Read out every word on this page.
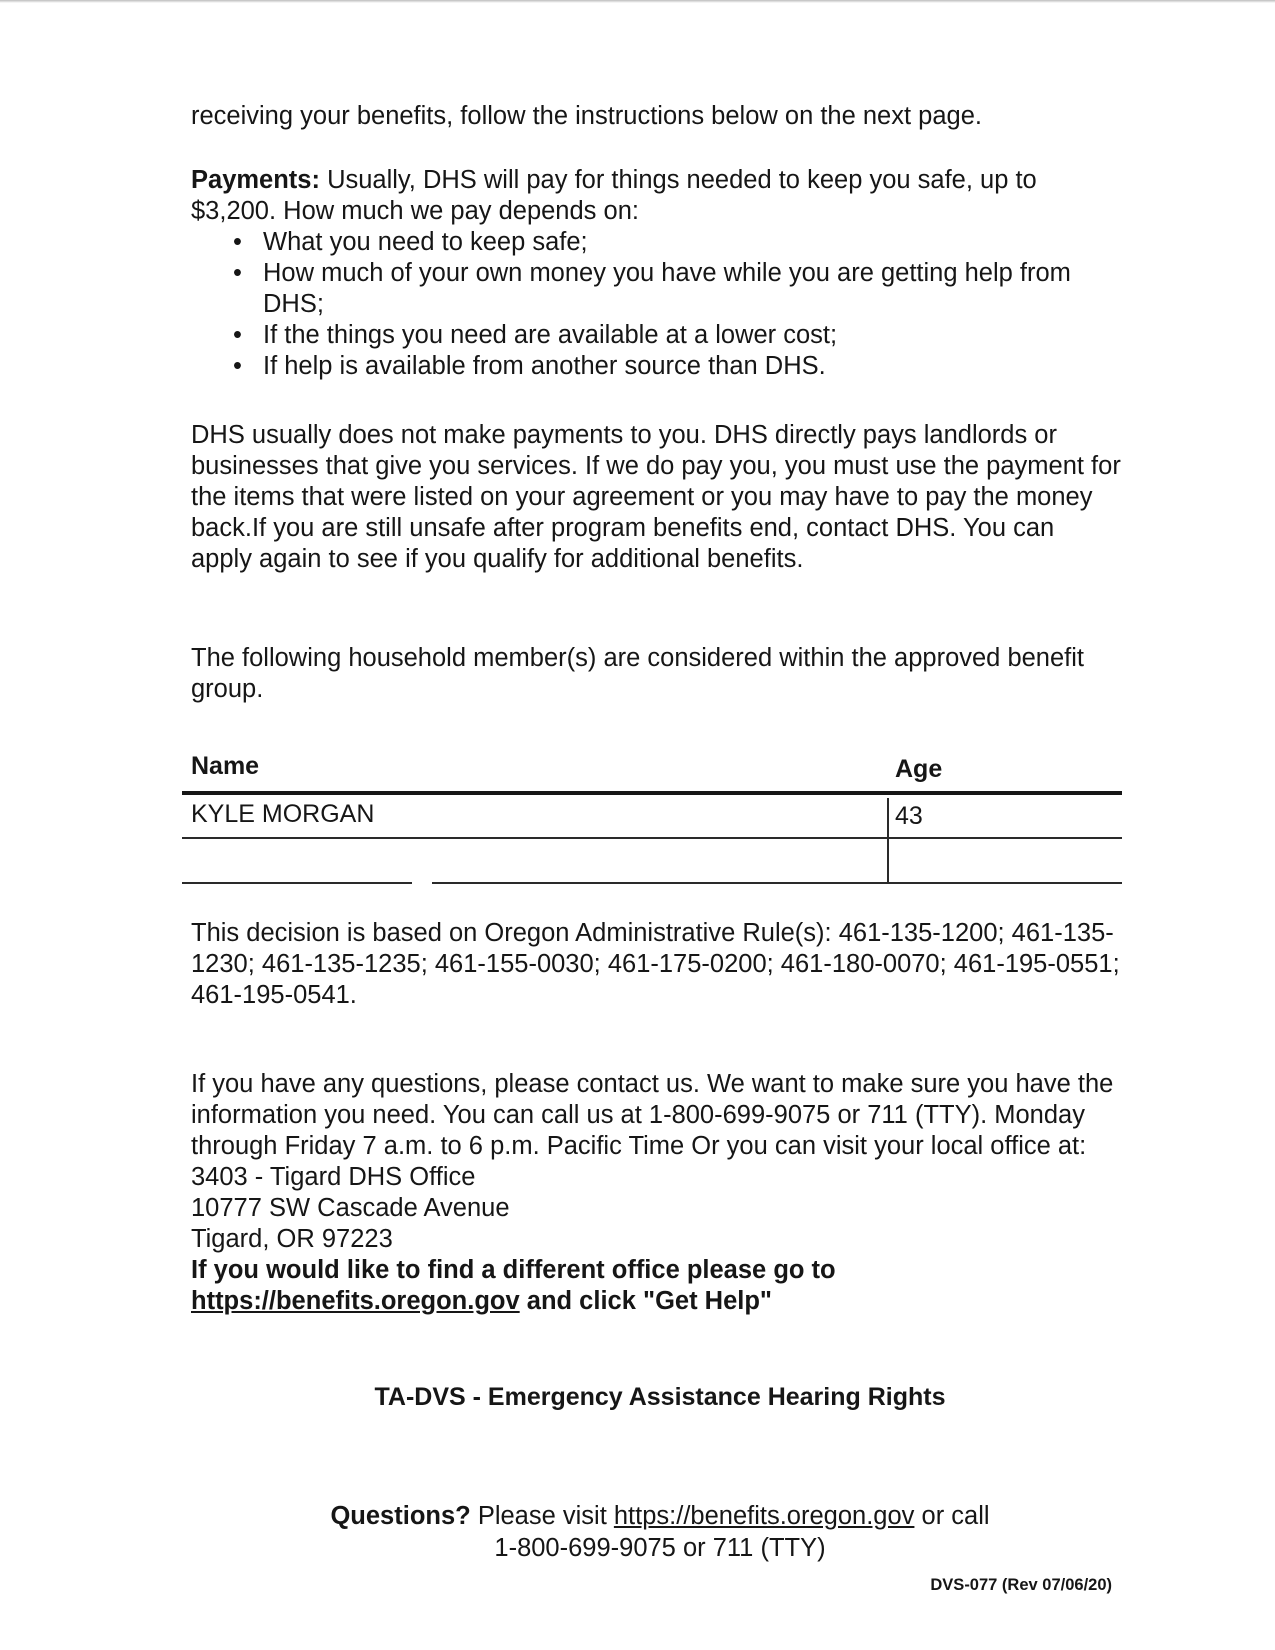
receiving your benefits, follow the instructions below on the next page.

Payments: Usually, DHS will pay for things needed to keep you safe, up to $3,200. How much we pay depends on:

• What you need to keep safe;
• How much of your own money you have while you are getting help from DHS;
• If the things you need are available at a lower cost;
• If help is available from another source than DHS.

DHS usually does not make payments to you. DHS directly pays landlords or businesses that give you services. If we do pay you, you must use the payment for the items that were listed on your agreement or you may have to pay the money back.If you are still unsafe after program benefits end, contact DHS. You can apply again to see if you qualify for additional benefits.

The following household member(s) are considered within the approved benefit group.

Name	Age
KYLE MORGAN	43

This decision is based on Oregon Administrative Rule(s): 461-135-1200; 461-135-1230; 461-135-1235; 461-155-0030; 461-175-0200; 461-180-0070; 461-195-0551; 461-195-0541.

If you have any questions, please contact us. We want to make sure you have the information you need. You can call us at 1-800-699-9075 or 711 (TTY). Monday through Friday 7 a.m. to 6 p.m. Pacific Time Or you can visit your local office at:

3403 - Tigard DHS Office

10777 SW Cascade Avenue

Tigard, OR 97223

If you would like to find a different office please go to

https://benefits.oregon.gov and click "Get Help"

TA-DVS - Emergency Assistance Hearing Rights
Questions? Please visit https://benefits.oregon.gov or call
1-800-699-9075 or 711 (TTY)
DVS-077 (Rev 07/06/20)
